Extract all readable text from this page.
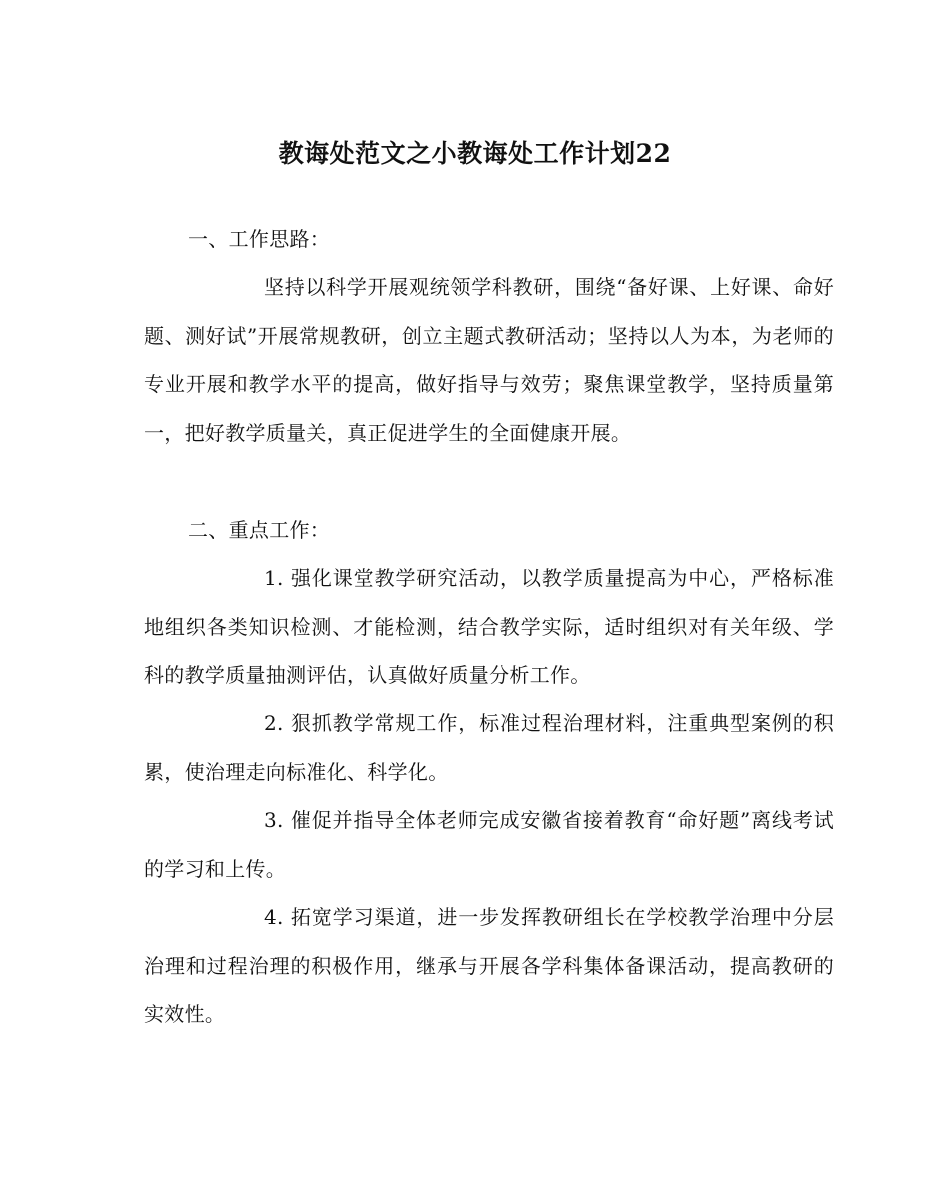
教诲处范文之小教诲处工作计划22
一、工作思路：
坚持以科学开展观统领学科教研，围绕“备好课、上好课、命好题、测好试”开展常规教研，创立主题式教研活动；坚持以人为本，为老师的专业开展和教学水平的提高，做好指导与效劳；聚焦课堂教学，坚持质量第一，把好教学质量关，真正促进学生的全面健康开展。
二、重点工作：
1. 强化课堂教学研究活动，以教学质量提高为中心，严格标准地组织各类知识检测、才能检测，结合教学实际，适时组织对有关年级、学科的教学质量抽测评估，认真做好质量分析工作。
2. 狠抓教学常规工作，标准过程治理材料，注重典型案例的积累，使治理走向标准化、科学化。
3. 催促并指导全体老师完成安徽省接着教育“命好题”离线考试的学习和上传。
4. 拓宽学习渠道，进一步发挥教研组长在学校教学治理中分层治理和过程治理的积极作用，继承与开展各学科集体备课活动，提高教研的实效性。
